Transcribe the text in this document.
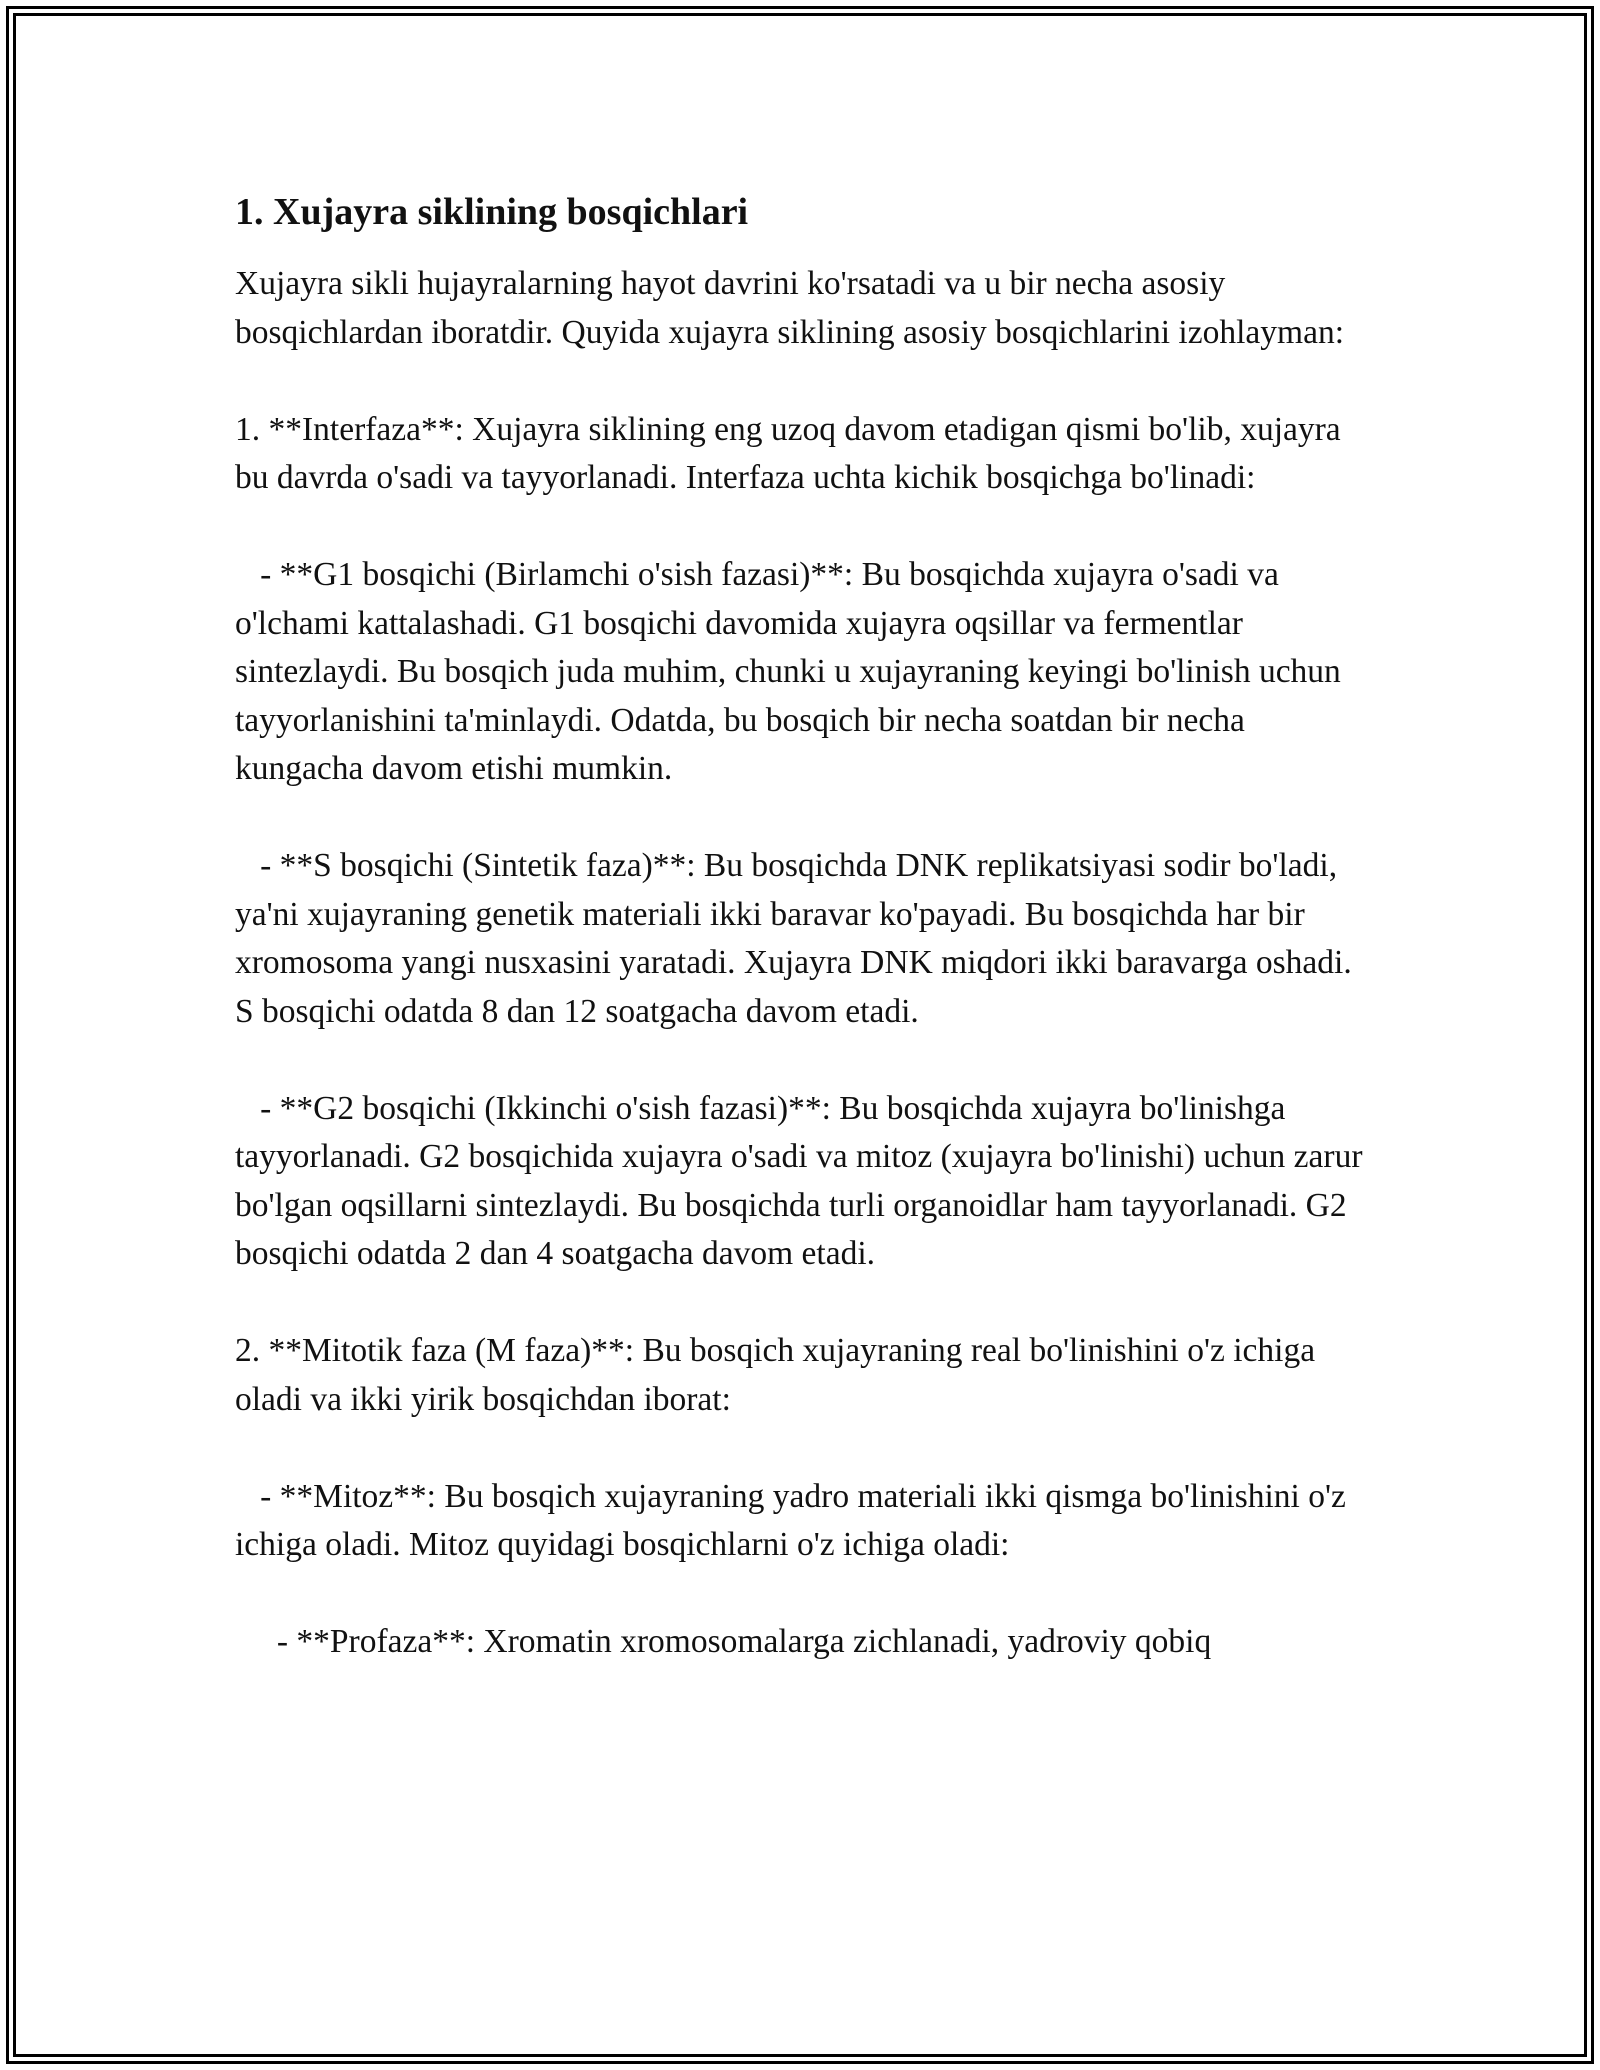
1. Xujayra siklining bosqichlari
Xujayra sikli hujayralarning hayot davrini ko'rsatadi va u bir necha asosiy bosqichlardan iboratdir. Quyida xujayra siklining asosiy bosqichlarini izohlayman:
1. **Interfaza**: Xujayra siklining eng uzoq davom etadigan qismi bo'lib, xujayra bu davrda o'sadi va tayyorlanadi. Interfaza uchta kichik bosqichga bo'linadi:
- **G1 bosqichi (Birlamchi o'sish fazasi)**: Bu bosqichda xujayra o'sadi va o'lchami kattalashadi. G1 bosqichi davomida xujayra oqsillar va fermentlar sintezlaydi. Bu bosqich juda muhim, chunki u xujayraning keyingi bo'linish uchun tayyorlanishini ta'minlaydi. Odatda, bu bosqich bir necha soatdan bir necha kungacha davom etishi mumkin.
- **S bosqichi (Sintetik faza)**: Bu bosqichda DNK replikatsiyasi sodir bo'ladi, ya'ni xujayraning genetik materiali ikki baravar ko'payadi. Bu bosqichda har bir xromosoma yangi nusxasini yaratadi. Xujayra DNK miqdori ikki baravarga oshadi. S bosqichi odatda 8 dan 12 soatgacha davom etadi.
- **G2 bosqichi (Ikkinchi o'sish fazasi)**: Bu bosqichda xujayra bo'linishga tayyorlanadi. G2 bosqichida xujayra o'sadi va mitoz (xujayra bo'linishi) uchun zarur bo'lgan oqsillarni sintezlaydi. Bu bosqichda turli organoidlar ham tayyorlanadi. G2 bosqichi odatda 2 dan 4 soatgacha davom etadi.
2. **Mitotik faza (M faza)**: Bu bosqich xujayraning real bo'linishini o'z ichiga oladi va ikki yirik bosqichdan iborat:
- **Mitoz**: Bu bosqich xujayraning yadro materiali ikki qismga bo'linishini o'z ichiga oladi. Mitoz quyidagi bosqichlarni o'z ichiga oladi:
- **Profaza**: Xromatin xromosomalarga zichlanadi, yadroviy qobiq
